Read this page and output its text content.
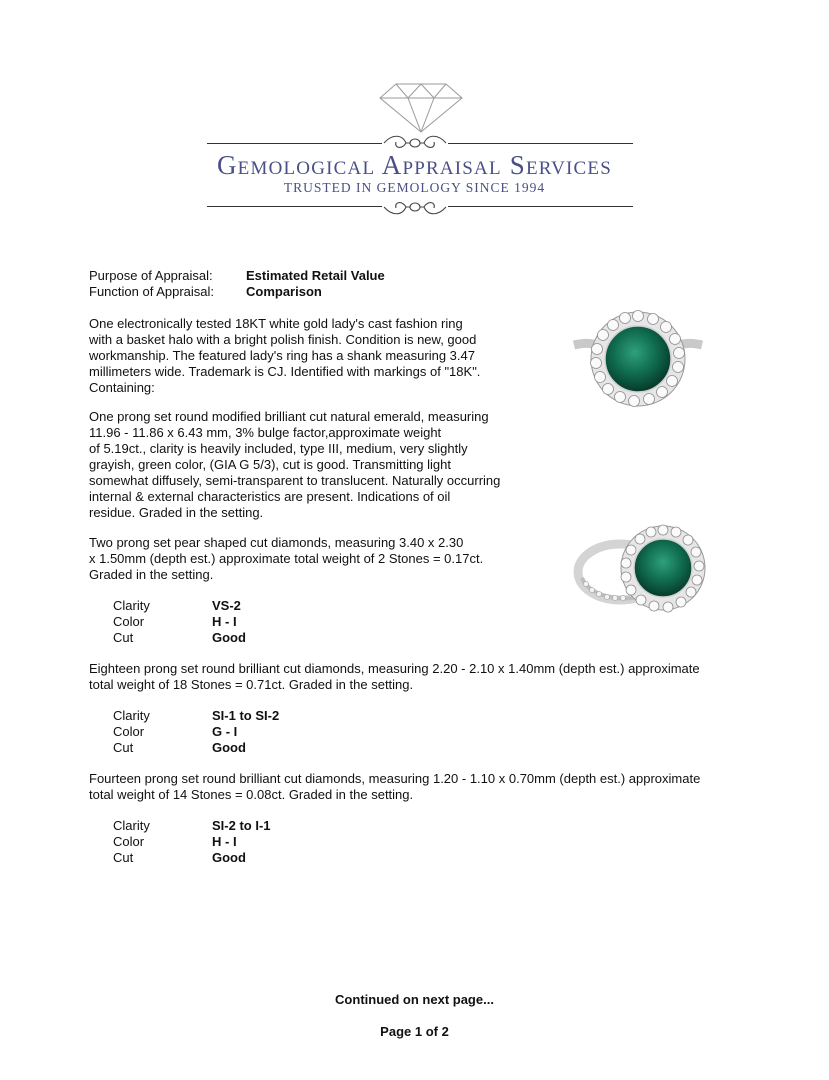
Gemological Appraisal Services
TRUSTED IN GEMOLOGY SINCE 1994
Purpose of Appraisal:	Estimated Retail Value
Function of Appraisal: Comparison
One electronically tested 18KT white gold lady's cast fashion ring
with a basket halo with a bright polish finish. Condition is new, good
workmanship. The featured lady's ring has a shank measuring 3.47
millimeters wide. Trademark is CJ. Identified with markings of "18K".
Containing:
One prong set round modified brilliant cut natural emerald, measuring
11.96 - 11.86 x 6.43 mm, 3% bulge factor,approximate weight
of 5.19ct., clarity is heavily included, type III, medium, very slightly
grayish, green color, (GIA G 5/3), cut is good. Transmitting light
somewhat diffusely, semi-transparent to translucent. Naturally occurring
internal & external characteristics are present. Indications of oil
residue. Graded in the setting.
Two prong set pear shaped cut diamonds, measuring 3.40 x 2.30
x 1.50mm (depth est.) approximate total weight of 2 Stones = 0.17ct.
Graded in the setting.
Clarity	VS-2
Color	H - I
Cut	Good
Eighteen prong set round brilliant cut diamonds, measuring 2.20 - 2.10 x 1.40mm (depth est.) approximate
total weight of 18 Stones = 0.71ct. Graded in the setting.
Clarity	SI-1 to SI-2
Color	G - I
Cut	Good
Fourteen prong set round brilliant cut diamonds, measuring 1.20 - 1.10 x 0.70mm (depth est.) approximate
total weight of 14 Stones = 0.08ct. Graded in the setting.
Clarity	SI-2 to I-1
Color	H - I
Cut	Good
Continued on next page...
Page 1 of 2
